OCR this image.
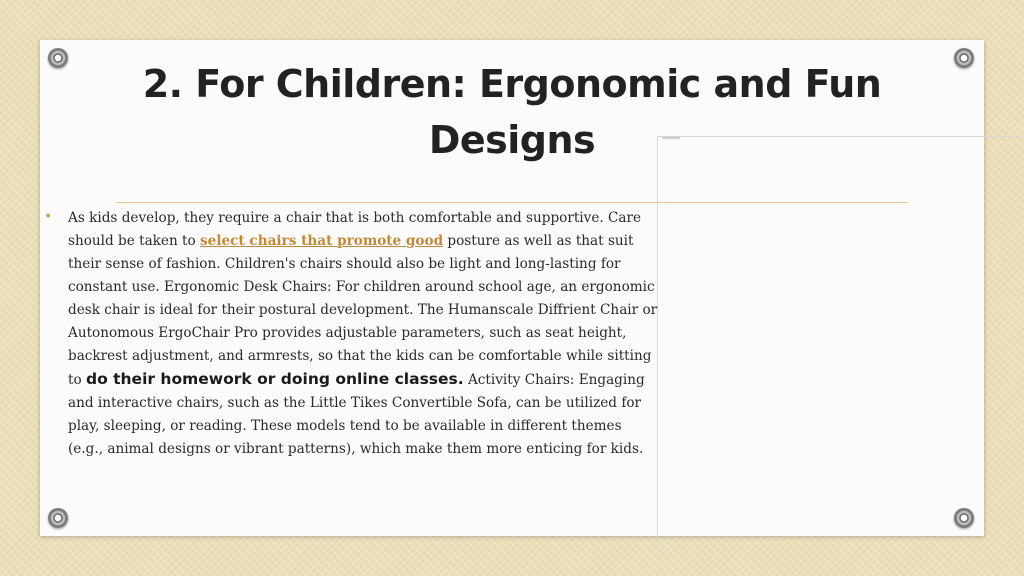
2. For Children: Ergonomic and Fun Designs
• As kids develop, they require a chair that is both comfortable and supportive. Care should be taken to select chairs that promote good posture as well as that suit their sense of fashion. Children's chairs should also be light and long-lasting for constant use. Ergonomic Desk Chairs: For children around school age, an ergonomic desk chair is ideal for their postural development. The Humanscale Diffrient Chair or Autonomous ErgoChair Pro provides adjustable parameters, such as seat height, backrest adjustment, and armrests, so that the kids can be comfortable while sitting to do their homework or doing online classes. Activity Chairs: Engaging and interactive chairs, such as the Little Tikes Convertible Sofa, can be utilized for play, sleeping, or reading. These models tend to be available in different themes (e.g., animal designs or vibrant patterns), which make them more enticing for kids.
